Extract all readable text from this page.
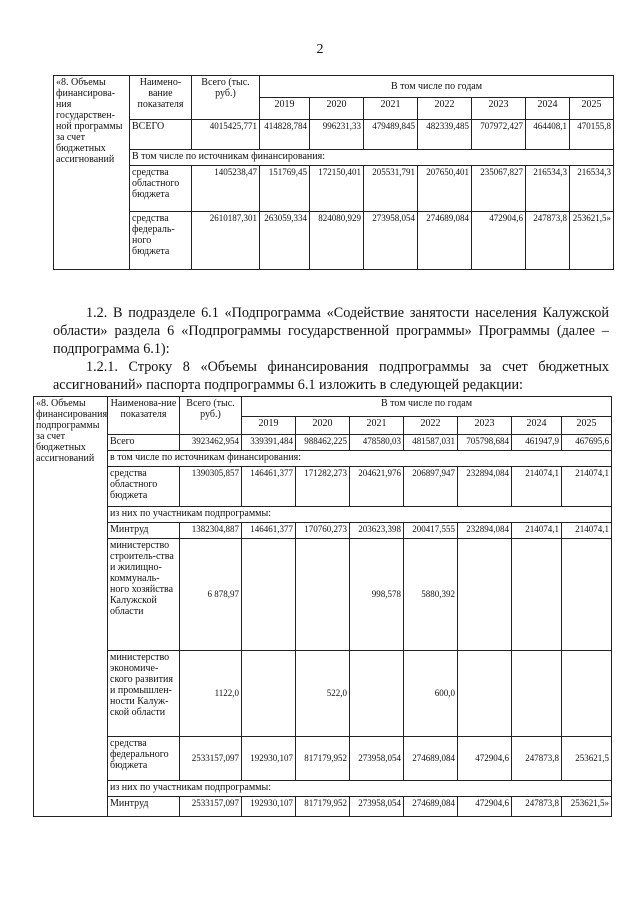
2
«8. Объемы финансирова-ния государствен-ной программы за счет бюджетных ассигнований	Наимено-вание показателя	Всего (тыс. руб.)	В том числе по годам						
			2019	2020	2021	2022	2023	2024	2025
	ВСЕГО	4015425,771	414828,784	996231,33	479489,845	482339,485	707972,427	464408,1	470155,8
	В том числе по источникам финансирования:								
	средства областного бюджета	1405238,47	151769,45	172150,401	205531,791	207650,401	235067,827	216534,3	216534,3
	средства федераль-ного бюджета	2610187,301	263059,334	824080,929	273958,054	274689,084	472904,6	247873,8	253621,5»
1.2. В подразделе 6.1 «Подпрограмма «Содействие занятости населения Калужской области» раздела 6 «Подпрограммы государственной программы» Программы (далее – подпрограмма 6.1):
1.2.1. Строку 8 «Объемы финансирования подпрограммы за счет бюджетных ассигнований» паспорта подпрограммы 6.1 изложить в следующей редакции:
«8. Объемы финансирования подпрограммы за счет бюджетных ассигнований	Наименова-ние показателя	Всего (тыс. руб.)	В том числе по годам						
			2019	2020	2021	2022	2023	2024	2025
	Всего	3923462,954	339391,484	988462,225	478580,03	481587,031	705798,684	461947,9	467695,6
	в том числе по источникам финансирования:								
	средства областного бюджета	1390305,857	146461,377	171282,273	204621,976	206897,947	232894,084	214074,1	214074,1
	из них по участникам подпрограммы:								
	Минтруд	1382304,887	146461,377	170760,273	203623,398	200417,555	232894,084	214074,1	214074,1
	министерство строитель-ства и жилищно-коммуналь-ного хозяйства Калужской области	6 878,97			998,578	5880,392			
	министерство экономиче-ского развития и промышлен-ности Калуж-ской области	1122,0		522,0		600,0			
	средства федерального бюджета	2533157,097	192930,107	817179,952	273958,054	274689,084	472904,6	247873,8	253621,5
	из них по участникам подпрограммы:								
	Минтруд	2533157,097	192930,107	817179,952	273958,054	274689,084	472904,6	247873,8	253621,5»
